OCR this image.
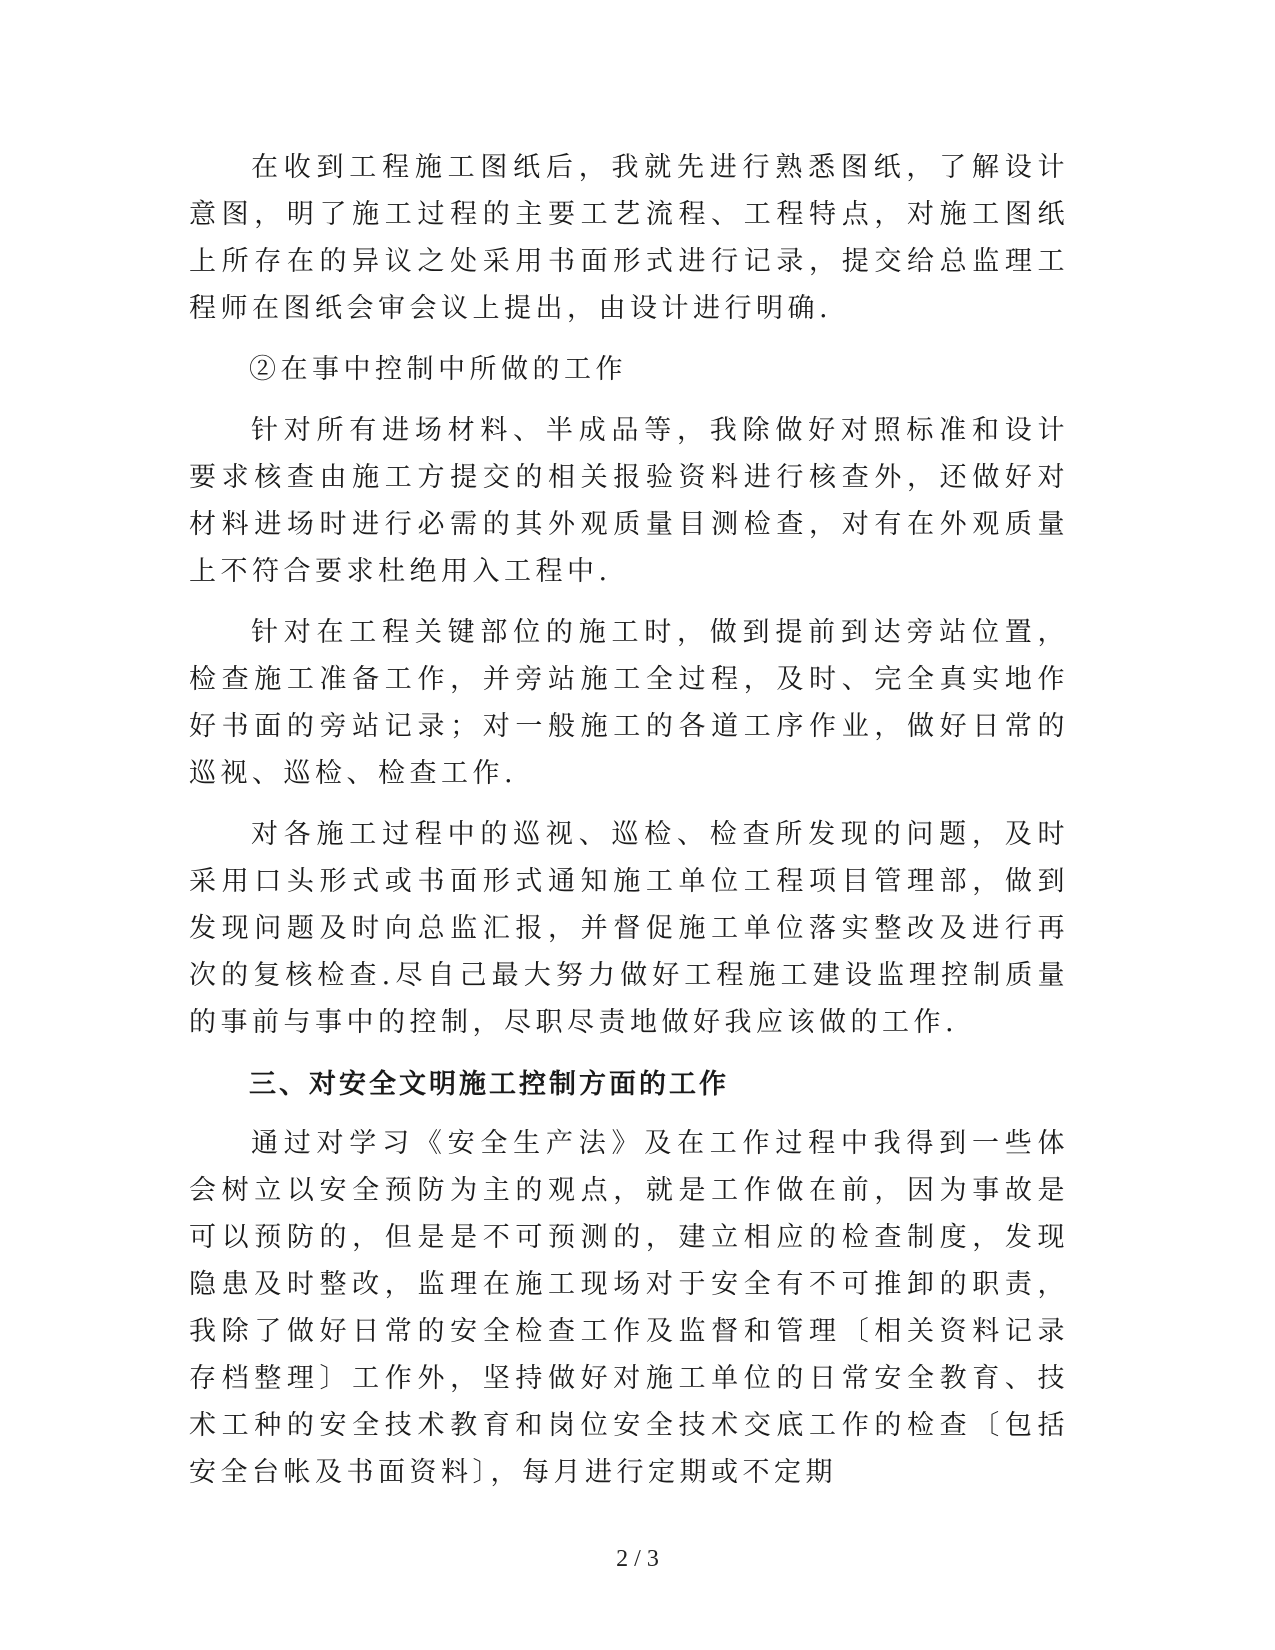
在收到工程施工图纸后，我就先进行熟悉图纸，了解设计意图，明了施工过程的主要工艺流程、工程特点，对施工图纸上所存在的异议之处采用书面形式进行记录，提交给总监理工程师在图纸会审会议上提出，由设计进行明确.

②在事中控制中所做的工作

针对所有进场材料、半成品等，我除做好对照标准和设计要求核查由施工方提交的相关报验资料进行核查外，还做好对材料进场时进行必需的其外观质量目测检查，对有在外观质量上不符合要求杜绝用入工程中.

针对在工程关键部位的施工时，做到提前到达旁站位置，检查施工准备工作，并旁站施工全过程，及时、完全真实地作好书面的旁站记录；对一般施工的各道工序作业，做好日常的巡视、巡检、检查工作.

对各施工过程中的巡视、巡检、检查所发现的问题，及时采用口头形式或书面形式通知施工单位工程项目管理部，做到发现问题及时向总监汇报，并督促施工单位落实整改及进行再次的复核检查.尽自己最大努力做好工程施工建设监理控制质量的事前与事中的控制，尽职尽责地做好我应该做的工作.

三、对安全文明施工控制方面的工作

通过对学习《安全生产法》及在工作过程中我得到一些体会树立以安全预防为主的观点，就是工作做在前，因为事故是可以预防的，但是是不可预测的，建立相应的检查制度，发现隐患及时整改，监理在施工现场对于安全有不可推卸的职责，我除了做好日常的安全检查工作及监督和管理〔相关资料记录存档整理〕工作外，坚持做好对施工单位的日常安全教育、技术工种的安全技术教育和岗位安全技术交底工作的检查〔包括安全台帐及书面资料〕，每月进行定期或不定期

2 / 3
